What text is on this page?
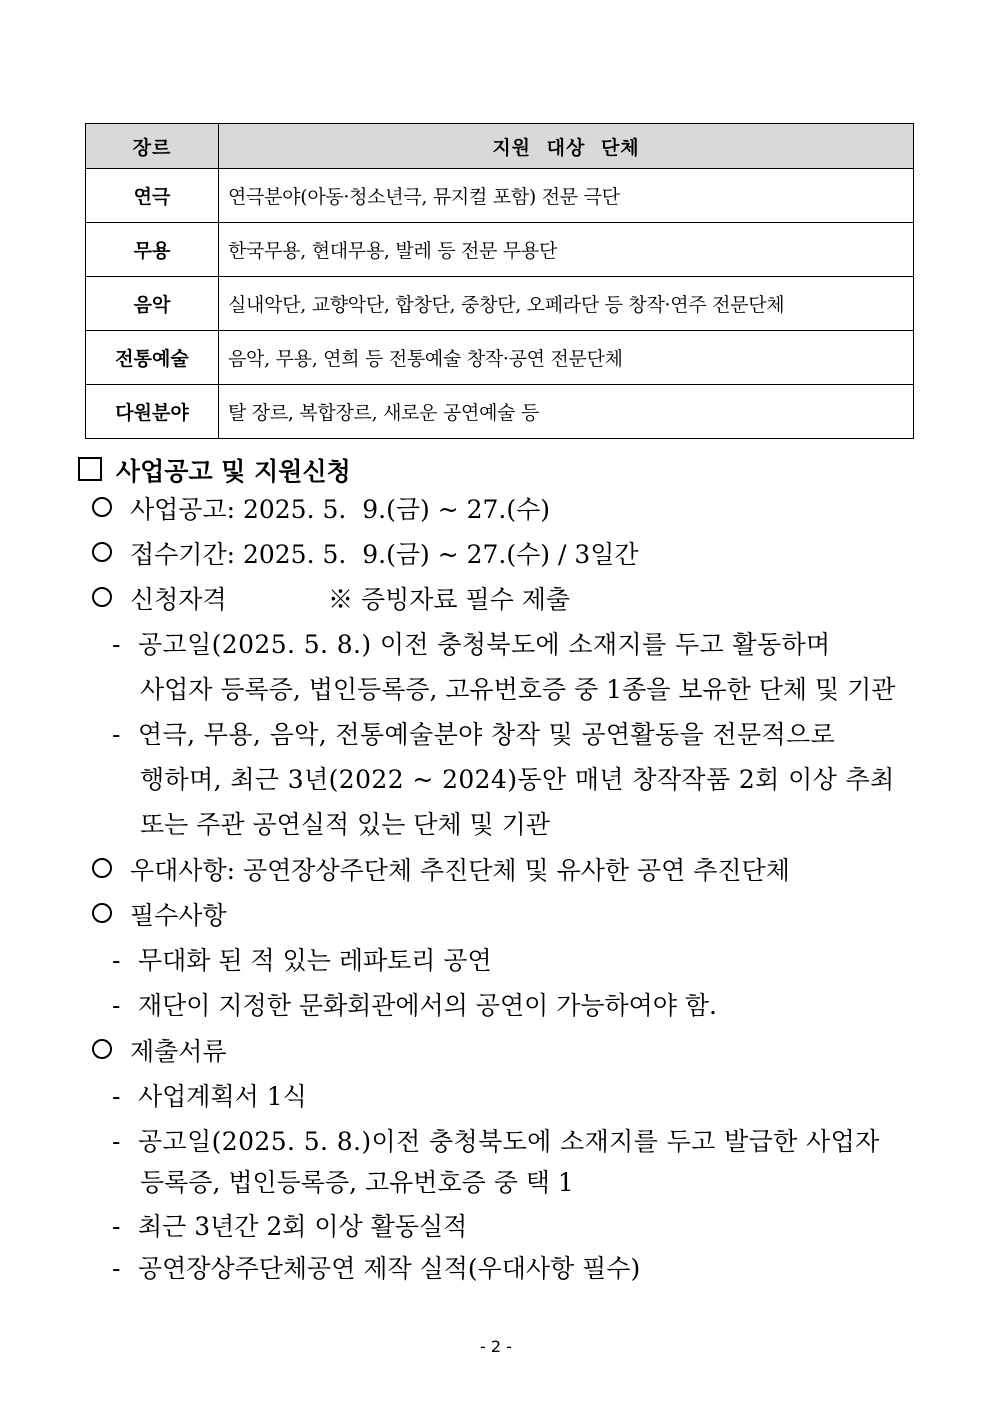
장르	지원 대상 단체
연극	연극분야(아동·청소년극, 뮤지컬 포함) 전문 극단
무용	한국무용, 현대무용, 발레 등 전문 무용단
음악	실내악단, 교향악단, 합창단, 중창단, 오페라단 등 창작·연주 전문단체
전통예술	음악, 무용, 연희 등 전통예술 창작·공연 전문단체
다원분야	탈 장르, 복합장르, 새로운 공연예술 등
사업공고 및 지원신청
사업공고: 2025. 5.  9.(금) ~ 27.(수)
접수기간: 2025. 5.  9.(금) ~ 27.(수) / 3일간
신청자격	※ 증빙자료 필수 제출
- 공고일(2025. 5. 8.) 이전 충청북도에 소재지를 두고 활동하며
사업자 등록증, 법인등록증, 고유번호증 중 1종을 보유한 단체 및 기관
- 연극, 무용, 음악, 전통예술분야 창작 및 공연활동을 전문적으로
행하며, 최근 3년(2022 ~ 2024)동안 매년 창작작품 2회 이상 추최
또는 주관 공연실적 있는 단체 및 기관
우대사항: 공연장상주단체 추진단체 및 유사한 공연 추진단체
필수사항
- 무대화 된 적 있는 레파토리 공연
- 재단이 지정한 문화회관에서의 공연이 가능하여야 함.
제출서류
- 사업계획서 1식
- 공고일(2025. 5. 8.)이전 충청북도에 소재지를 두고 발급한 사업자
등록증, 법인등록증, 고유번호증 중 택 1
- 최근 3년간 2회 이상 활동실적
- 공연장상주단체공연 제작 실적(우대사항 필수)
- 2 -
